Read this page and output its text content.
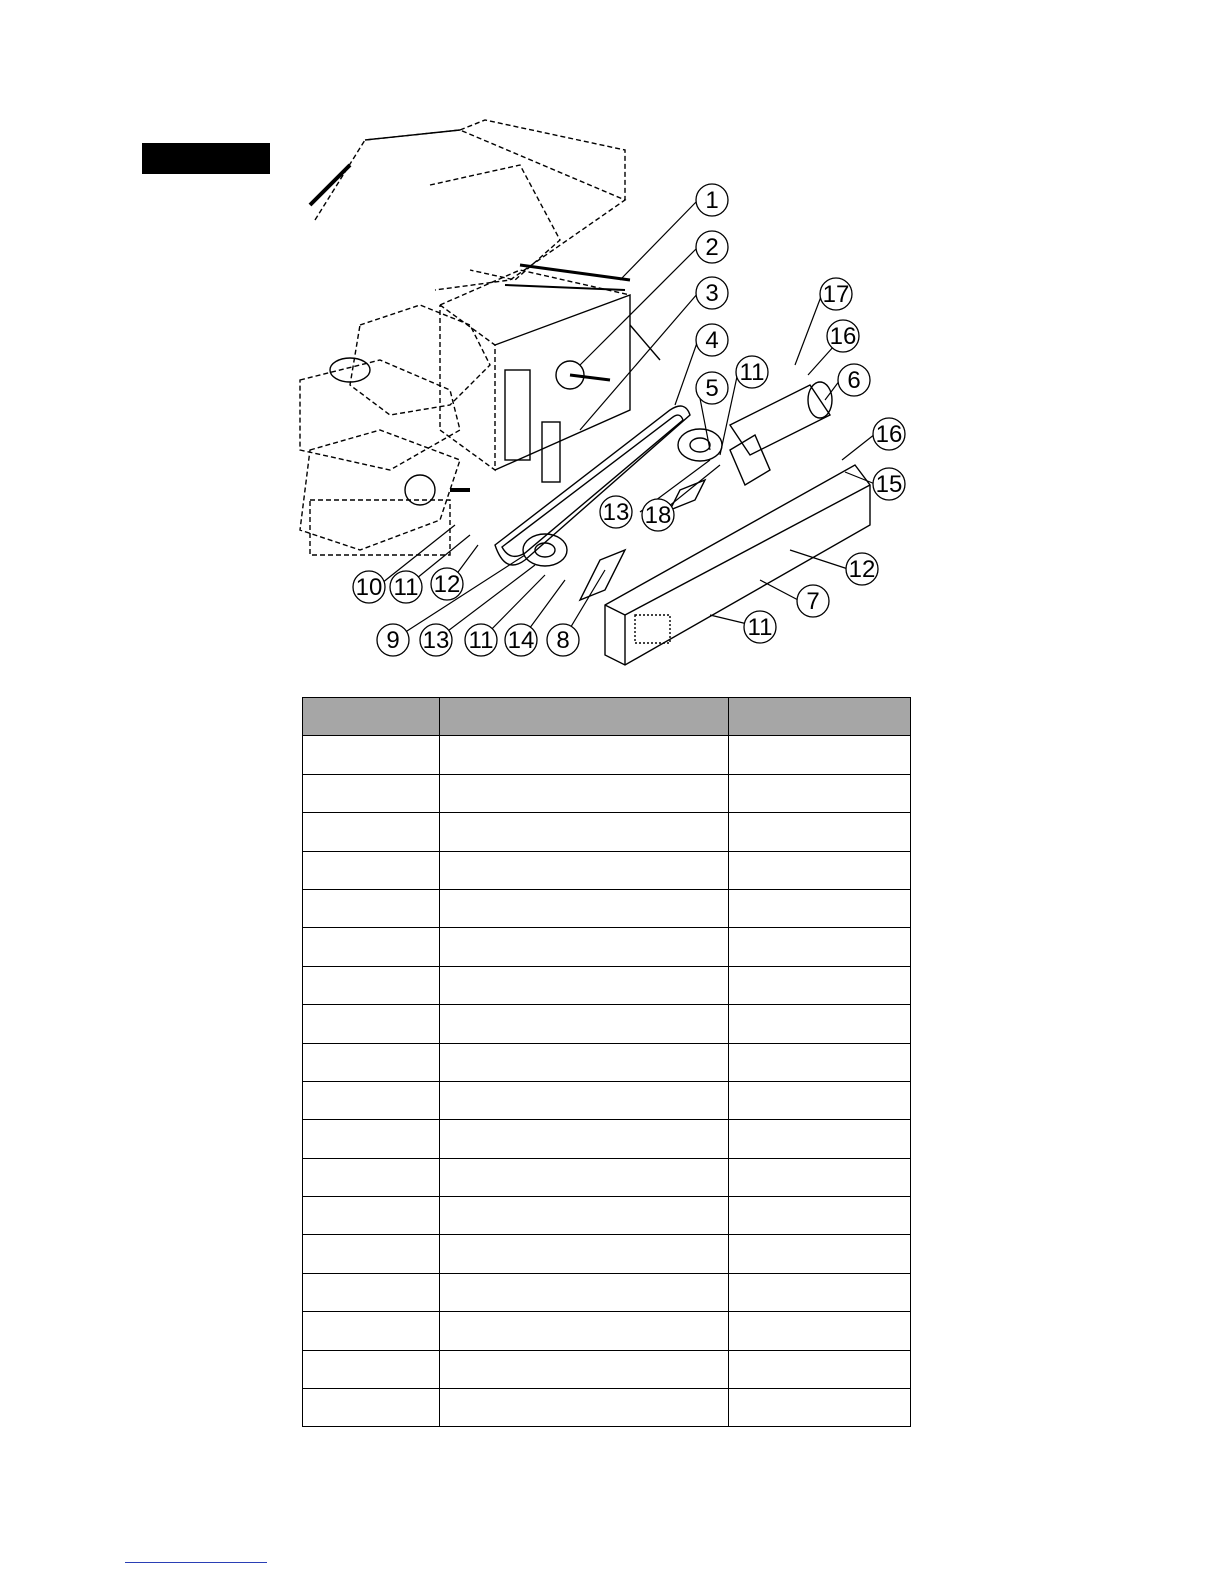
1
2
3
4
11
5	6
17
16
16
15
13 18
12
7
11
10 11 12
9 13 11 14 8
